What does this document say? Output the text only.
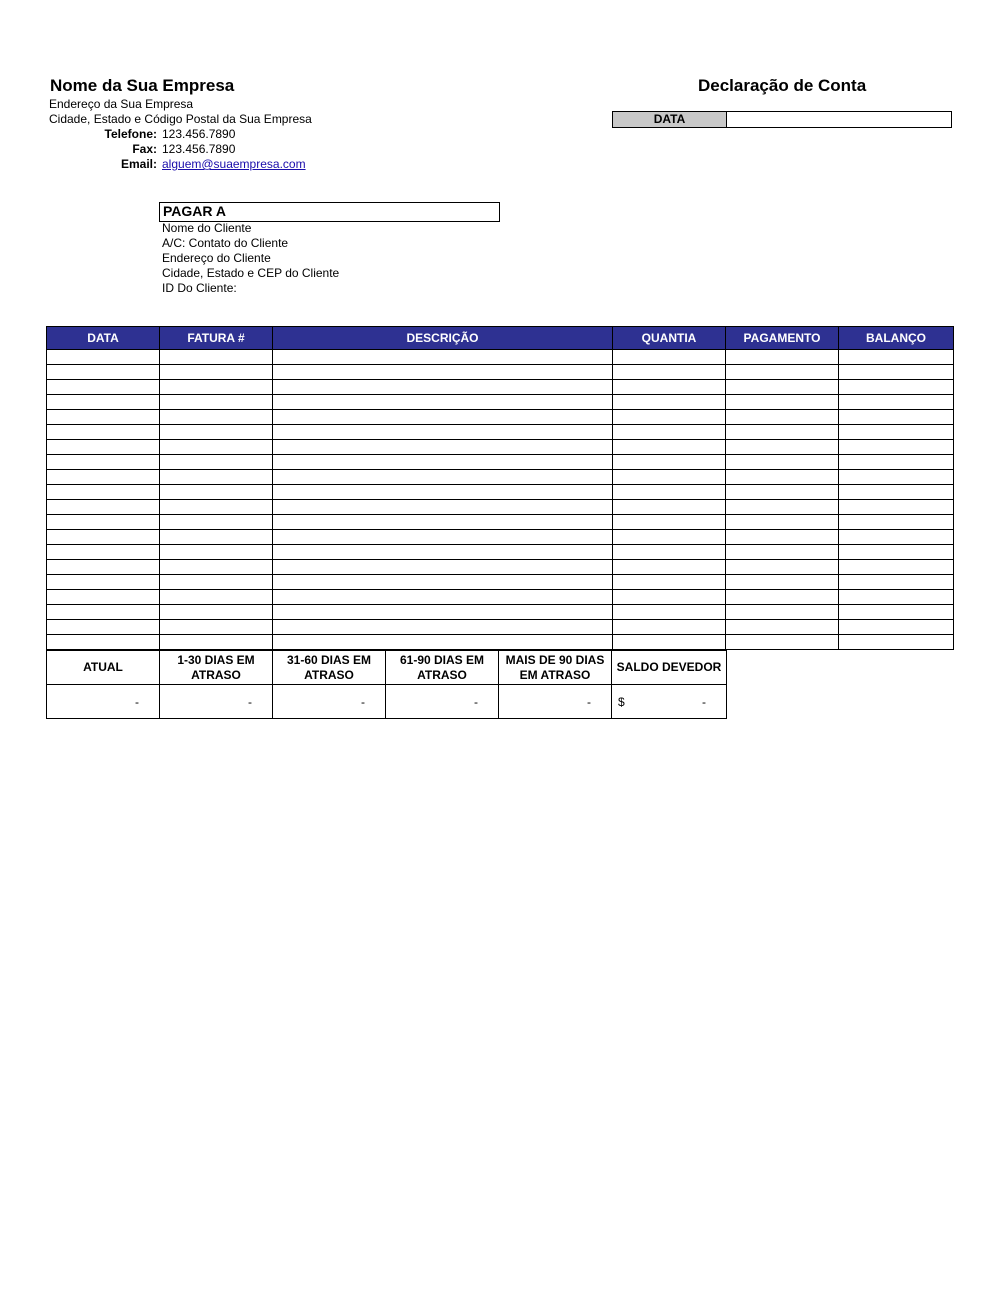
Nome da Sua Empresa	Declaração de Conta
Endereço da Sua Empresa
Cidade, Estado e Código Postal da Sua Empresa
Telefone: 123.456.7890
Fax: 123.456.7890
Email: alguem@suaempresa.com
DATA
PAGAR A
Nome do Cliente
A/C: Contato do Cliente
Endereço do Cliente
Cidade, Estado e CEP do Cliente
ID Do Cliente:
DATA	FATURA #	DESCRIÇÃO	QUANTIA	PAGAMENTO	BALANÇO

ATUAL	1-30 DIAS EM ATRASO	31-60 DIAS EM ATRASO	61-90 DIAS EM ATRASO	MAIS DE 90 DIAS EM ATRASO	SALDO DEVEDOR
-	-	-	-	-	$ -
